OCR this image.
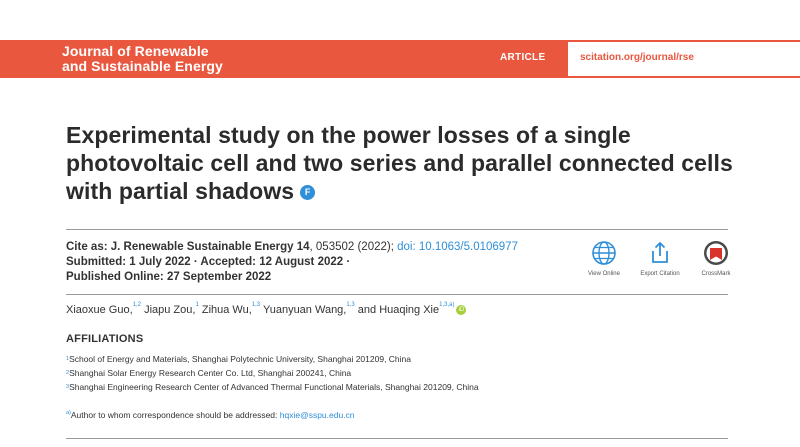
Journal of Renewable
and Sustainable Energy
ARTICLE	scitation.org/journal/rse
Experimental study on the power losses of a single photovoltaic cell and two series and parallel connected cells with partial shadows F
Cite as: J. Renewable Sustainable Energy 14, 053502 (2022); doi: 10.1063/5.0106977
Submitted: 1 July 2022 · Accepted: 12 August 2022 ·
Published Online: 27 September 2022	View Online	Export Citation	CrossMark
Xiaoxue Guo,$^{1,2}$ Jiapu Zou,$^1$ Zihua Wu,$^{1,3}$ Yuanyuan Wang,$^{1,3}$ and Huaqing Xie$^{1,3,a)}$iD
AFFILIATIONS
$^1$School of Energy and Materials, Shanghai Polytechnic University, Shanghai 201209, China
$^2$Shanghai Solar Energy Research Center Co. Ltd, Shanghai 200241, China
$^3$Shanghai Engineering Research Center of Advanced Thermal Functional Materials, Shanghai 201209, China
$^{a)}$Author to whom correspondence should be addressed: hqxie@sspu.edu.cn
